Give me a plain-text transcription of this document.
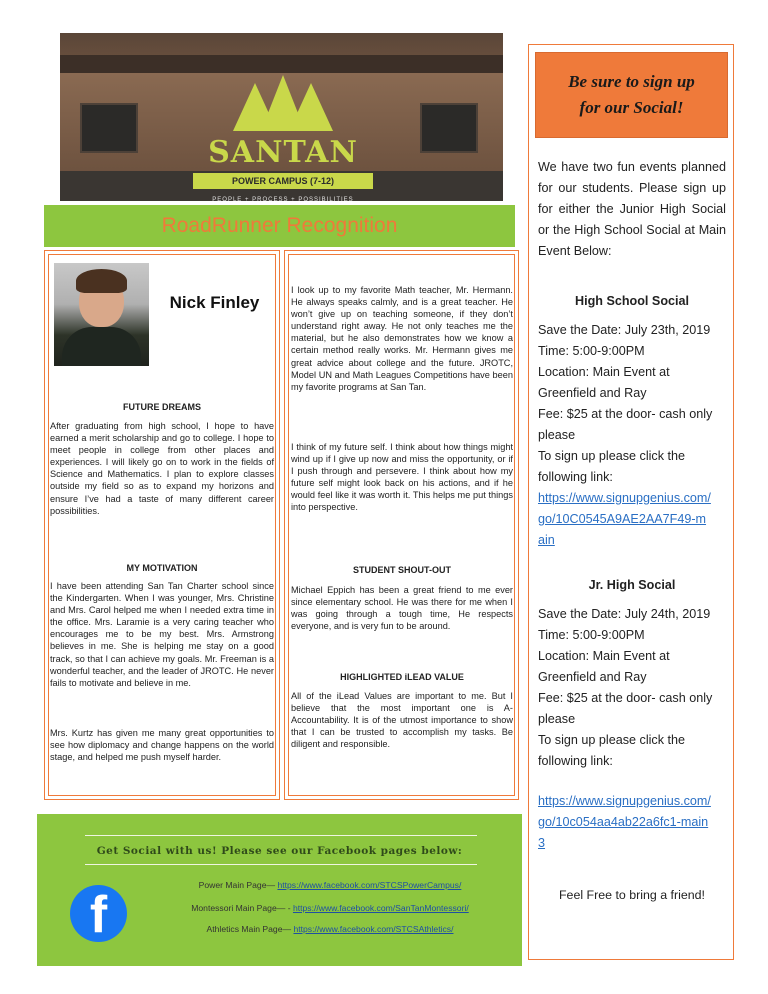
SANTAN
POWER CAMPUS (7-12)
PEOPLE + PROCESS + POSSIBILITIES
RoadRunner Recognition
Nick Finley
FUTURE DREAMS
After graduating from high school, I hope to have earned a merit scholarship and go to college. I hope to meet people in college from other places and experiences. I will likely go on to work in the fields of Science and Mathematics. I plan to explore classes outside my field so as to expand my horizons and ensure I’ve had a taste of many different career possibilities.
MY MOTIVATION
I have been attending San Tan Charter school since the Kindergarten. When I was younger, Mrs. Christine and Mrs. Carol helped me when I needed extra time in the office. Mrs. Laramie is a very caring teacher who encourages me to be my best. Mrs. Armstrong believes in me. She is helping me stay on a good track, so that I can achieve my goals. Mr. Freeman is a wonderful teacher, and the leader of JROTC. He never fails to motivate and believe in me.
Mrs. Kurtz has given me many great opportunities to see how diplomacy and change happens on the world stage, and helped me push myself harder.
I look up to my favorite Math teacher, Mr. Hermann. He always speaks calmly, and is a great teacher. He won’t give up on teaching someone, if they don’t understand right away. He not only teaches me the material, but he also demonstrates how we know a certain method really works. Mr. Hermann gives me great advice about college and the future. JROTC, Model UN and Math Leagues Competitions have been my favorite programs at San Tan.
I think of my future self. I think about how things might wind up if I give up now and miss the opportunity, or if I push through and persevere. I think about how my future self might look back on his actions, and if he would feel like it was worth it. This helps me put things into perspective.
STUDENT SHOUT-OUT
Michael Eppich has been a great friend to me ever since elementary school. He was there for me when I was going through a tough time, He respects everyone, and is very fun to be around.
HIGHLIGHTED iLEAD VALUE
All of the iLead Values are important to me. But I believe that the most important one is A-Accountability. It is of the utmost importance to show that I can be trusted to accomplish my tasks. Be diligent and responsible.
Be sure to sign up
for our Social!
We have two fun events planned for our students. Please sign up for either the Junior High Social or the High School Social at Main Event Below:
High School Social
Save the Date: July 23th, 2019
Time: 5:00-9:00PM
Location: Main Event at Greenfield and Ray
Fee: $25 at the door- cash only please
To sign up please click the following link:
https://www.signupgenius.com/go/10C0545A9AE2AA7F49-main
Jr. High Social
Save the Date: July 24th, 2019
Time: 5:00-9:00PM
Location: Main Event at Greenfield and Ray
Fee: $25 at the door- cash only please
To sign up please click the following link:
https://www.signupgenius.com/go/10c054aa4ab22a6fc1-main3
Feel Free to bring a friend!
Get Social with us! Please see our Facebook pages below:
f
Power Main Page— https://www.facebook.com/STCSPowerCampus/
Montessori Main Page— - https://www.facebook.com/SanTanMontessori/
Athletics Main Page— https://www.facebook.com/STCSAthletics/
